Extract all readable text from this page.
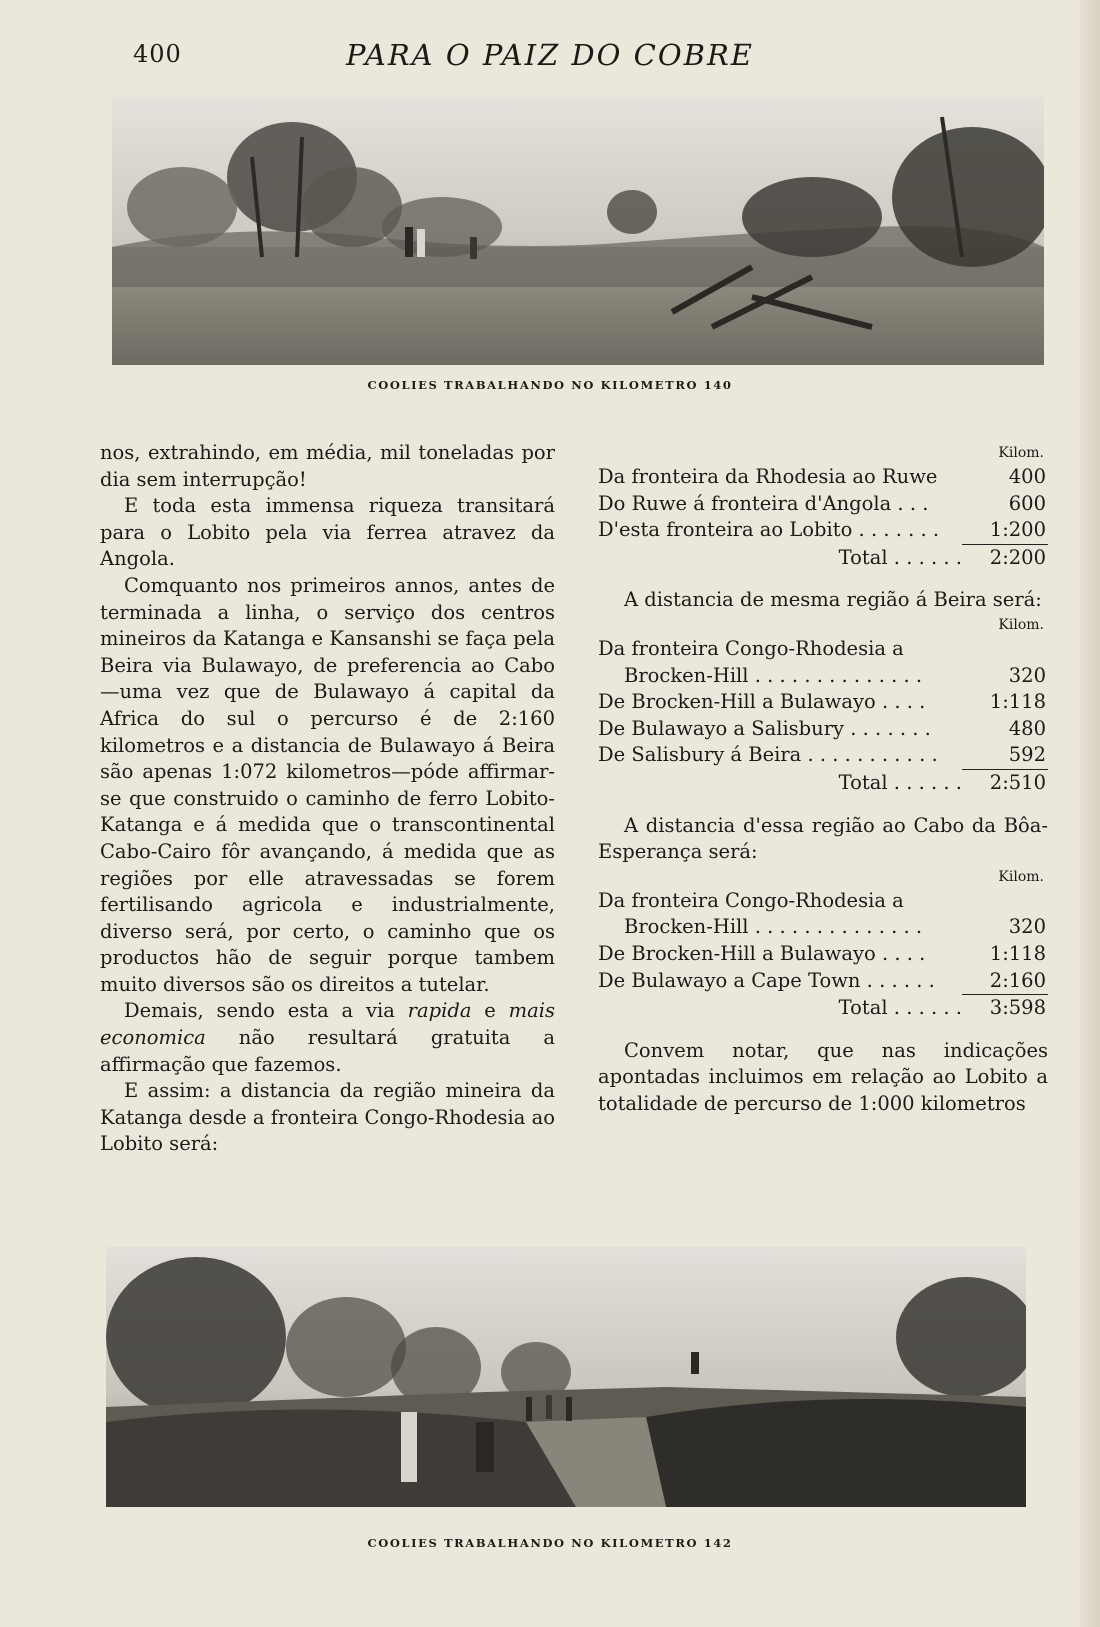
400	PARA O PAIZ DO COBRE
COOLIES TRABALHANDO NO KILOMETRO 140

nos, extrahindo, em média, mil toneladas por dia sem interrupção!

E toda esta immensa riqueza transitará para o Lobito pela via ferrea atravez da Angola.

Comquanto nos primeiros annos, antes de terminada a linha, o serviço dos centros mineiros da Katanga e Kansanshi se faça pela Beira via Bulawayo, de preferencia ao Cabo —uma vez que de Bulawayo á capital da Africa do sul o percurso é de 2:160 kilometros e a distancia de Bulawayo á Beira são apenas 1:072 kilometros—póde affirmar-se que construido o caminho de ferro Lobito-Katanga e á medida que o transcontinental Cabo-Cairo fôr avançando, á medida que as regiões por elle atravessadas se forem fertilisando agricola e industrialmente, diverso será, por certo, o caminho que os productos hão de seguir porque tambem muito diversos são os direitos a tutelar.

Demais, sendo esta a via rapida e mais economica não resultará gratuita a affirmação que fazemos.

E assim: a distancia da região mineira da Katanga desde a fronteira Congo-Rhodesia ao Lobito será:

Kilom.
Da fronteira da Rhodesia ao Ruwe	400
Do Ruwe á fronteira d'Angola . . .	600
D'esta fronteira ao Lobito . . . . . . .	1:200
Total . . . . . .	2:200

A distancia de mesma região á Beira será:

Kilom.
Da fronteira Congo-Rhodesia a
Brocken-Hill . . . . . . . . . . . . . .	320
De Brocken-Hill a Bulawayo . . . .	1:118
De Bulawayo a Salisbury . . . . . . .	480
De Salisbury á Beira . . . . . . . . . . .	592
Total . . . . . .	2:510

A distancia d'essa região ao Cabo da Bôa-Esperança será:

Kilom.
Da fronteira Congo-Rhodesia a
Brocken-Hill . . . . . . . . . . . . . .	320
De Brocken-Hill a Bulawayo . . . .	1:118
De Bulawayo a Cape Town . . . . . .	2:160
Total . . . . . .	3:598

Convem notar, que nas indicações apontadas incluimos em relação ao Lobito a totalidade de percurso de 1:000 kilometros

COOLIES TRABALHANDO NO KILOMETRO 142
